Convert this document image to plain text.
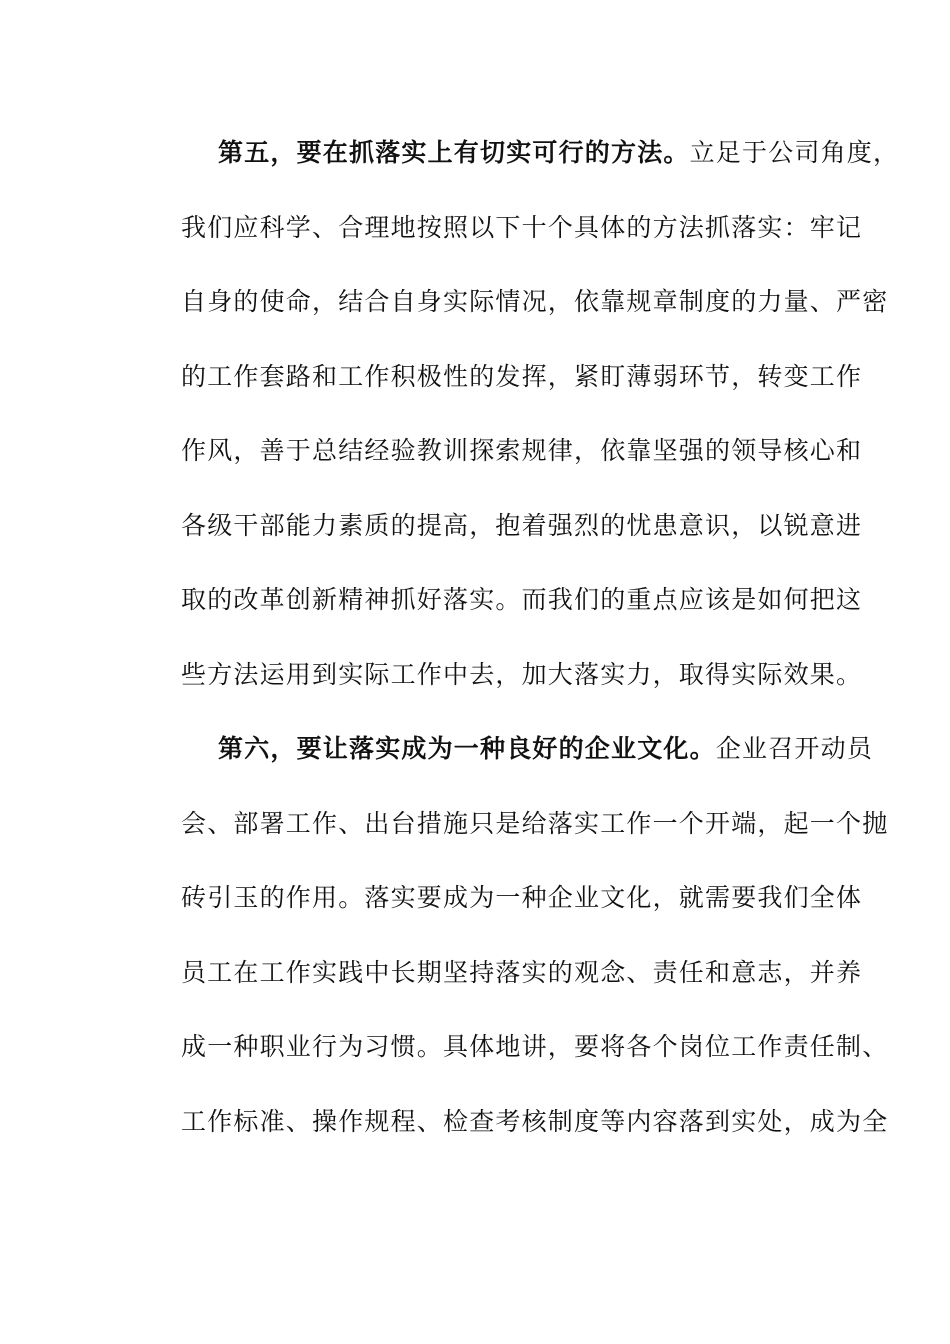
第五，要在抓落实上有切实可行的方法。立足于公司角度，
我们应科学、合理地按照以下十个具体的方法抓落实：牢记
自身的使命，结合自身实际情况，依靠规章制度的力量、严密
的工作套路和工作积极性的发挥，紧盯薄弱环节，转变工作
作风，善于总结经验教训探索规律，依靠坚强的领导核心和
各级干部能力素质的提高，抱着强烈的忧患意识，以锐意进
取的改革创新精神抓好落实。而我们的重点应该是如何把这
些方法运用到实际工作中去，加大落实力，取得实际效果。
第六，要让落实成为一种良好的企业文化。企业召开动员
会、部署工作、出台措施只是给落实工作一个开端，起一个抛
砖引玉的作用。落实要成为一种企业文化，就需要我们全体
员工在工作实践中长期坚持落实的观念、责任和意志，并养
成一种职业行为习惯。具体地讲，要将各个岗位工作责任制、
工作标准、操作规程、检查考核制度等内容落到实处，成为全
